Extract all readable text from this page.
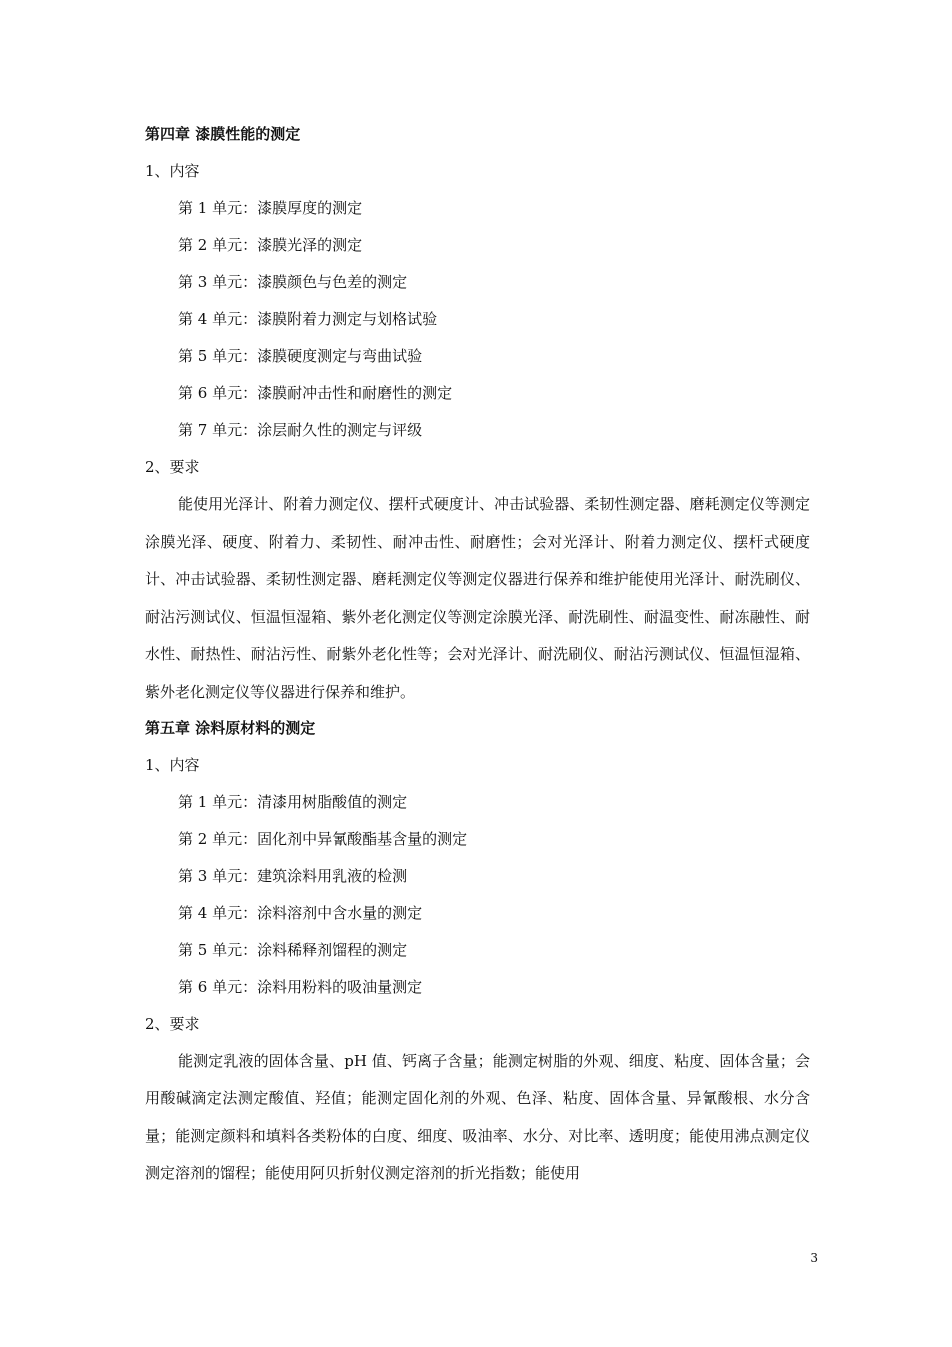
第四章 漆膜性能的测定
1、内容
第 1 单元：漆膜厚度的测定
第 2 单元：漆膜光泽的测定
第 3 单元：漆膜颜色与色差的测定
第 4 单元：漆膜附着力测定与划格试验
第 5 单元：漆膜硬度测定与弯曲试验
第 6 单元：漆膜耐冲击性和耐磨性的测定
第 7 单元：涂层耐久性的测定与评级
2、要求

能使用光泽计、附着力测定仪、摆杆式硬度计、冲击试验器、柔韧性测定器、磨耗测定仪等测定涂膜光泽、硬度、附着力、柔韧性、耐冲击性、耐磨性；会对光泽计、附着力测定仪、摆杆式硬度计、冲击试验器、柔韧性测定器、磨耗测定仪等测定仪器进行保养和维护能使用光泽计、耐洗刷仪、耐沾污测试仪、恒温恒湿箱、紫外老化测定仪等测定涂膜光泽、耐洗刷性、耐温变性、耐冻融性、耐水性、耐热性、耐沾污性、耐紫外老化性等；会对光泽计、耐洗刷仪、耐沾污测试仪、恒温恒湿箱、紫外老化测定仪等仪器进行保养和维护。

第五章 涂料原材料的测定
1、内容
第 1 单元：清漆用树脂酸值的测定
第 2 单元：固化剂中异氰酸酯基含量的测定
第 3 单元：建筑涂料用乳液的检测
第 4 单元：涂料溶剂中含水量的测定
第 5 单元：涂料稀释剂馏程的测定
第 6 单元：涂料用粉料的吸油量测定
2、要求

能测定乳液的固体含量、pH 值、钙离子含量；能测定树脂的外观、细度、粘度、固体含量；会用酸碱滴定法测定酸值、羟值；能测定固化剂的外观、色泽、粘度、固体含量、异氰酸根、水分含量；能测定颜料和填料各类粉体的白度、细度、吸油率、水分、对比率、透明度；能使用沸点测定仪测定溶剂的馏程；能使用阿贝折射仪测定溶剂的折光指数；能使用

3
